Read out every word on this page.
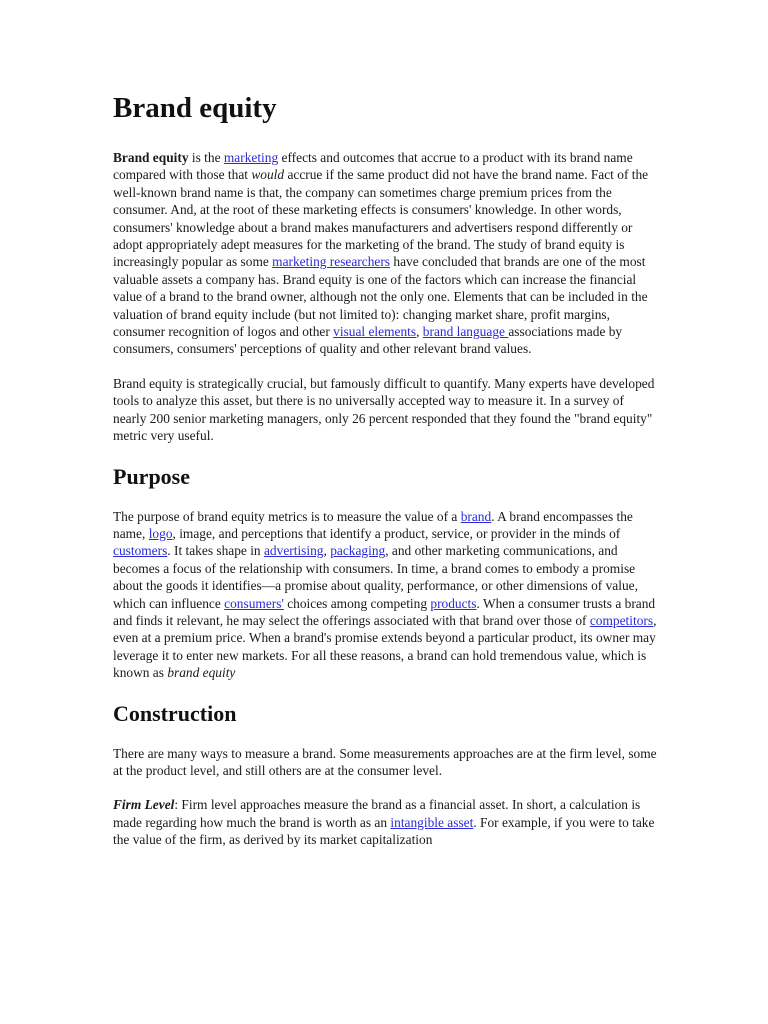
Brand equity

Brand equity is the marketing effects and outcomes that accrue to a product with its brand name compared with those that would accrue if the same product did not have the brand name. Fact of the well-known brand name is that, the company can sometimes charge premium prices from the consumer. And, at the root of these marketing effects is consumers' knowledge. In other words, consumers' knowledge about a brand makes manufacturers and advertisers respond differently or adopt appropriately adept measures for the marketing of the brand. The study of brand equity is increasingly popular as some marketing researchers have concluded that brands are one of the most valuable assets a company has. Brand equity is one of the factors which can increase the financial value of a brand to the brand owner, although not the only one. Elements that can be included in the valuation of brand equity include (but not limited to): changing market share, profit margins, consumer recognition of logos and other visual elements, brand language associations made by consumers, consumers' perceptions of quality and other relevant brand values.

Brand equity is strategically crucial, but famously difficult to quantify. Many experts have developed tools to analyze this asset, but there is no universally accepted way to measure it. In a survey of nearly 200 senior marketing managers, only 26 percent responded that they found the "brand equity" metric very useful.

Purpose

The purpose of brand equity metrics is to measure the value of a brand. A brand encompasses the name, logo, image, and perceptions that identify a product, service, or provider in the minds of customers. It takes shape in advertising, packaging, and other marketing communications, and becomes a focus of the relationship with consumers. In time, a brand comes to embody a promise about the goods it identifies—a promise about quality, performance, or other dimensions of value, which can influence consumers' choices among competing products. When a consumer trusts a brand and finds it relevant, he may select the offerings associated with that brand over those of competitors, even at a premium price. When a brand's promise extends beyond a particular product, its owner may leverage it to enter new markets. For all these reasons, a brand can hold tremendous value, which is known as brand equity

Construction

There are many ways to measure a brand. Some measurements approaches are at the firm level, some at the product level, and still others are at the consumer level.

Firm Level: Firm level approaches measure the brand as a financial asset. In short, a calculation is made regarding how much the brand is worth as an intangible asset. For example, if you were to take the value of the firm, as derived by its market capitalization
